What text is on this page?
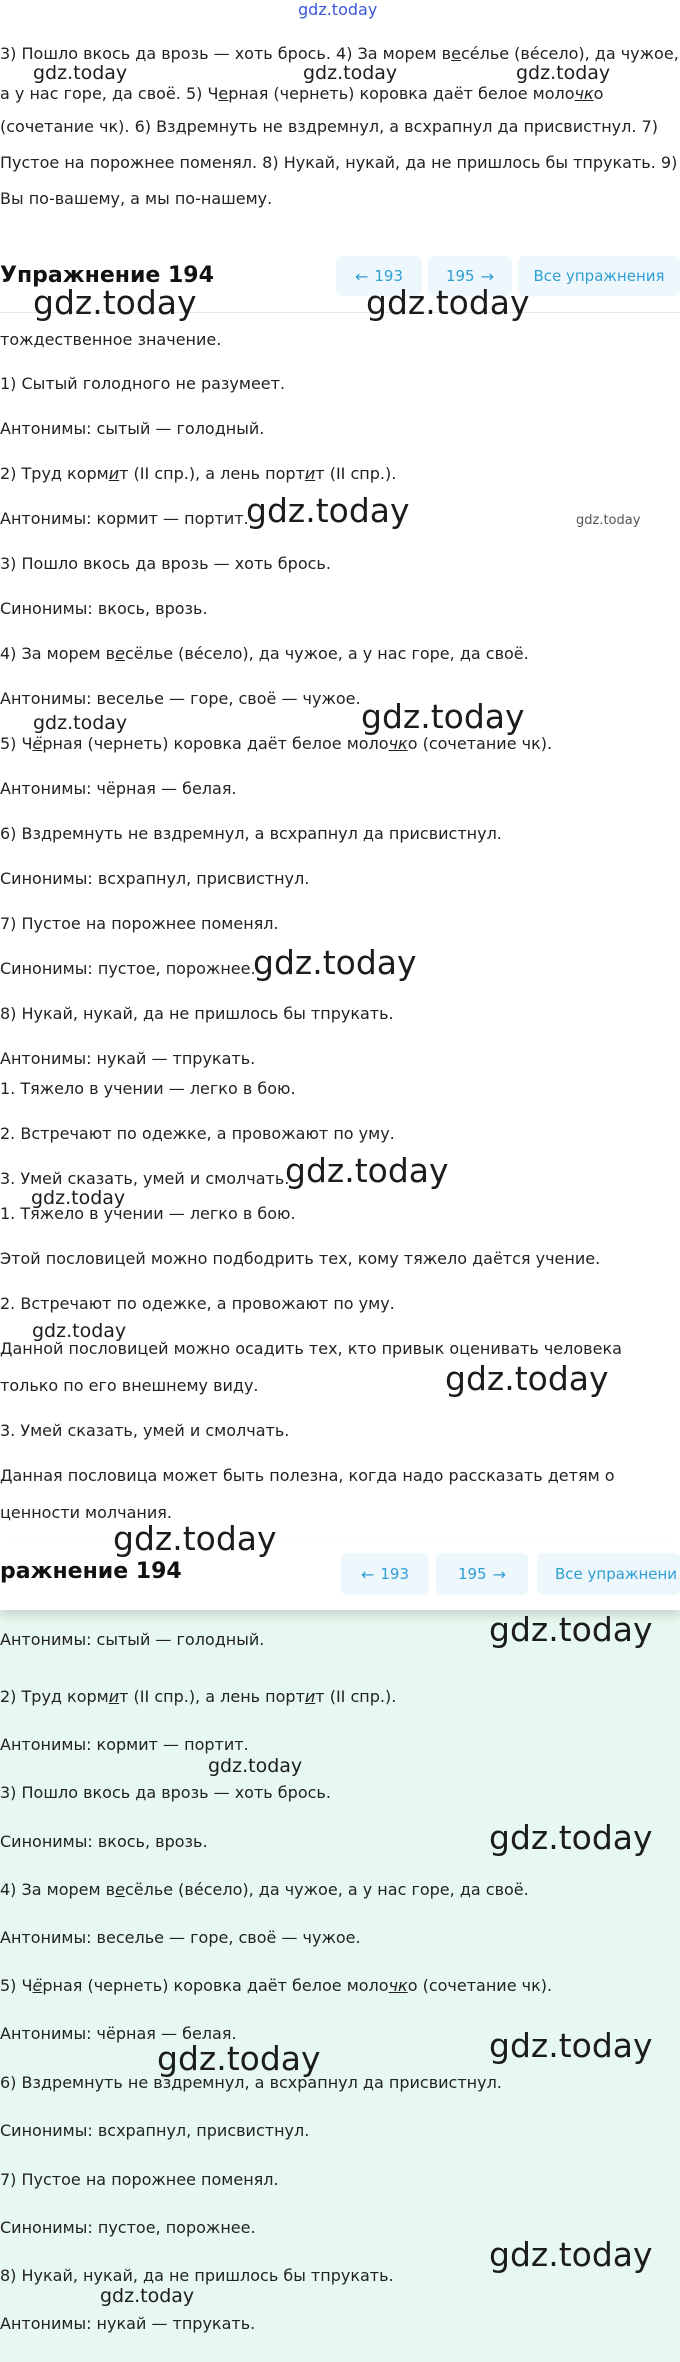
gdz.today
3) Пошло вкось да врозь — хоть брось. 4) За морем весéлье (вéсело), да чужое,
а у нас горе, да своё. 5) Черная (чернеть) коровка даёт белое молочко
(сочетание чк). 6) Вздремнуть не вздремнул, а всхрапнул да присвистнул. 7)
Пустое на порожнее поменял. 8) Нукай, нукай, да не пришлось бы тпрукать. 9)
Вы по-вашему, а мы по-нашему.
Упражнение 194	← 193	195 →	Все упражнения
тождественное значение.
1) Сытый голодного не разумеет.
Антонимы: сытый — голодный.
2) Труд кормит (II спр.), а лень портит (II спр.).
Антонимы: кормит — портит.
3) Пошло вкось да врозь — хоть брось.
Синонимы: вкось, врозь.
4) За морем весёлье (вéсело), да чужое, а у нас горе, да своё.
Антонимы: веселье — горе, своё — чужое.
5) Чёрная (чернеть) коровка даёт белое молочко (сочетание чк).
Антонимы: чёрная — белая.
6) Вздремнуть не вздремнул, а всхрапнул да присвистнул.
Синонимы: всхрапнул, присвистнул.
7) Пустое на порожнее поменял.
Синонимы: пустое, порожнее.
8) Нукай, нукай, да не пришлось бы тпрукать.
Антонимы: нукай — тпрукать.
1. Тяжело в учении — легко в бою.
2. Встречают по одежке, а провожают по уму.
3. Умей сказать, умей и смолчать.
1. Тяжело в учении — легко в бою.
Этой пословицей можно подбодрить тех, кому тяжело даётся учение.
2. Встречают по одежке, а провожают по уму.
Данной пословицей можно осадить тех, кто привык оценивать человека
только по его внешнему виду.
3. Умей сказать, умей и смолчать.
Данная пословица может быть полезна, когда надо рассказать детям о
ценности молчания.
ражнение 194	← 193	195 →	Все упражнени
Антонимы: сытый — голодный.
2) Труд кормит (II спр.), а лень портит (II спр.).
Антонимы: кормит — портит.
3) Пошло вкось да врозь — хоть брось.
Синонимы: вкось, врозь.
4) За морем весёлье (вéсело), да чужое, а у нас горе, да своё.
Антонимы: веселье — горе, своё — чужое.
5) Чёрная (чернеть) коровка даёт белое молочко (сочетание чк).
Антонимы: чёрная — белая.
6) Вздремнуть не вздремнул, а всхрапнул да присвистнул.
Синонимы: всхрапнул, присвистнул.
7) Пустое на порожнее поменял.
Синонимы: пустое, порожнее.
8) Нукай, нукай, да не пришлось бы тпрукать.
Антонимы: нукай — тпрукать.
gdz.today	gdz.today	gdz.today
gdz.today	gdz.today
gdz.today	gdz.today
gdz.today
gdz.today
gdz.today
gdz.today
gdz.today
gdz.today
gdz.today
gdz.today
gdz.today
gdz.today
gdz.today
gdz.today	gdz.today
gdz.today
gdz.today
